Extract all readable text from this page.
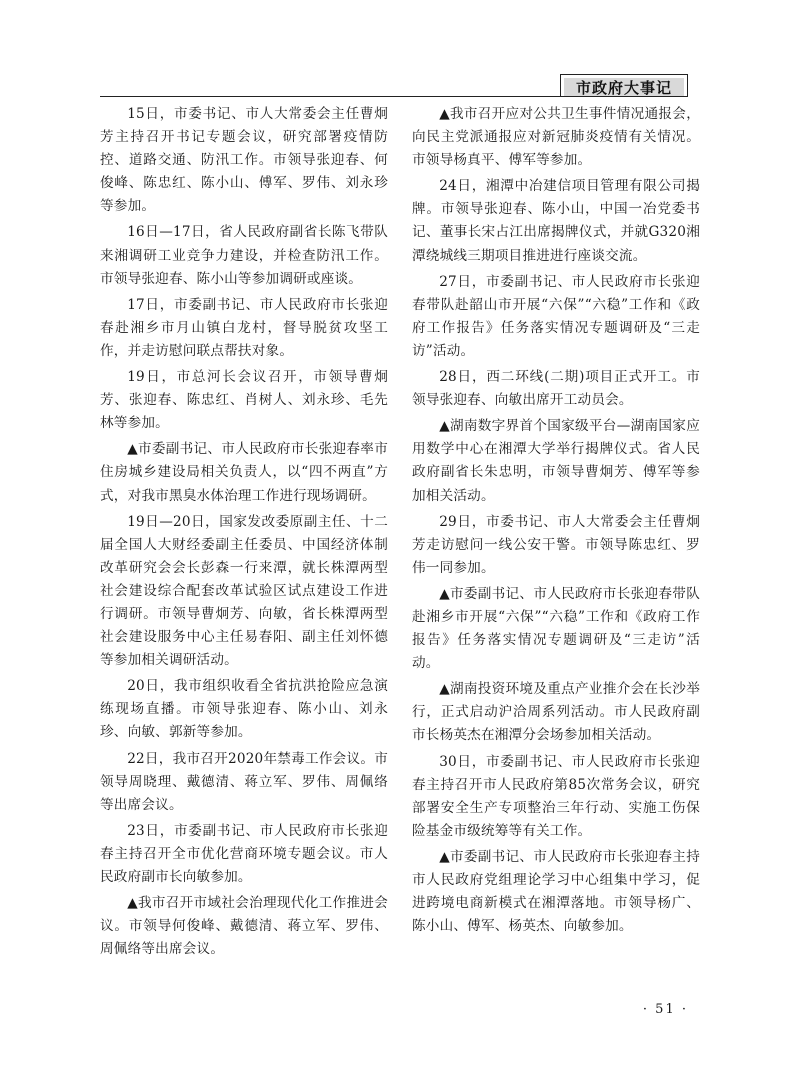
市政府大事记

15日，市委书记、市人大常委会主任曹炯芳主持召开书记专题会议，研究部署疫情防控、道路交通、防汛工作。市领导张迎春、何俊峰、陈忠红、陈小山、傅军、罗伟、刘永珍等参加。

16日—17日，省人民政府副省长陈飞带队来湘调研工业竞争力建设，并检查防汛工作。市领导张迎春、陈小山等参加调研或座谈。

17日，市委副书记、市人民政府市长张迎春赴湘乡市月山镇白龙村，督导脱贫攻坚工作，并走访慰问联点帮扶对象。

19日，市总河长会议召开，市领导曹炯芳、张迎春、陈忠红、肖树人、刘永珍、毛先林等参加。

▲市委副书记、市人民政府市长张迎春率市住房城乡建设局相关负责人，以“四不两直”方式，对我市黑臭水体治理工作进行现场调研。

19日—20日，国家发改委原副主任、十二届全国人大财经委副主任委员、中国经济体制改革研究会会长彭森一行来潭，就长株潭两型社会建设综合配套改革试验区试点建设工作进行调研。市领导曹炯芳、向敏，省长株潭两型社会建设服务中心主任易春阳、副主任刘怀德等参加相关调研活动。

20日，我市组织收看全省抗洪抢险应急演练现场直播。市领导张迎春、陈小山、刘永珍、向敏、郭新等参加。

22日，我市召开2020年禁毒工作会议。市领导周晓理、戴德清、蒋立军、罗伟、周佩络等出席会议。

23日，市委副书记、市人民政府市长张迎春主持召开全市优化营商环境专题会议。市人民政府副市长向敏参加。

▲我市召开市域社会治理现代化工作推进会议。市领导何俊峰、戴德清、蒋立军、罗伟、周佩络等出席会议。

▲我市召开应对公共卫生事件情况通报会，向民主党派通报应对新冠肺炎疫情有关情况。市领导杨真平、傅军等参加。

24日，湘潭中冶建信项目管理有限公司揭牌。市领导张迎春、陈小山，中国一冶党委书记、董事长宋占江出席揭牌仪式，并就G320湘潭绕城线三期项目推进进行座谈交流。

27日，市委副书记、市人民政府市长张迎春带队赴韶山市开展“六保”“六稳”工作和《政府工作报告》任务落实情况专题调研及“三走访”活动。

28日，西二环线(二期)项目正式开工。市领导张迎春、向敏出席开工动员会。

▲湖南数字界首个国家级平台—湖南国家应用数学中心在湘潭大学举行揭牌仪式。省人民政府副省长朱忠明，市领导曹炯芳、傅军等参加相关活动。

29日，市委书记、市人大常委会主任曹炯芳走访慰问一线公安干警。市领导陈忠红、罗伟一同参加。

▲市委副书记、市人民政府市长张迎春带队赴湘乡市开展“六保”“六稳”工作和《政府工作报告》任务落实情况专题调研及“三走访”活动。

▲湖南投资环境及重点产业推介会在长沙举行，正式启动沪洽周系列活动。市人民政府副市长杨英杰在湘潭分会场参加相关活动。

30日，市委副书记、市人民政府市长张迎春主持召开市人民政府第85次常务会议，研究部署安全生产专项整治三年行动、实施工伤保险基金市级统筹等有关工作。

▲市委副书记、市人民政府市长张迎春主持市人民政府党组理论学习中心组集中学习，促进跨境电商新模式在湘潭落地。市领导杨广、陈小山、傅军、杨英杰、向敏参加。

· 51 ·
